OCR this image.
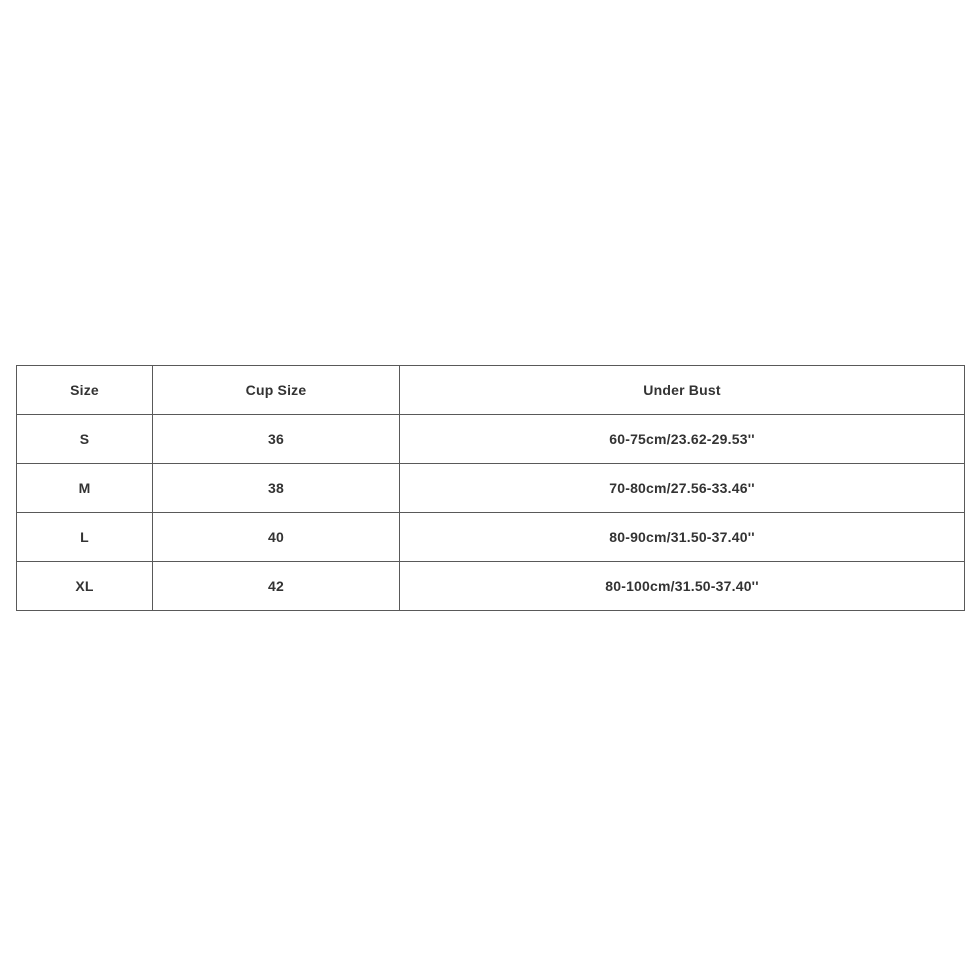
Size	Cup Size	Under Bust
S	36	60-75cm/23.62-29.53''
M	38	70-80cm/27.56-33.46''
L	40	80-90cm/31.50-37.40''
XL	42	80-100cm/31.50-37.40''
